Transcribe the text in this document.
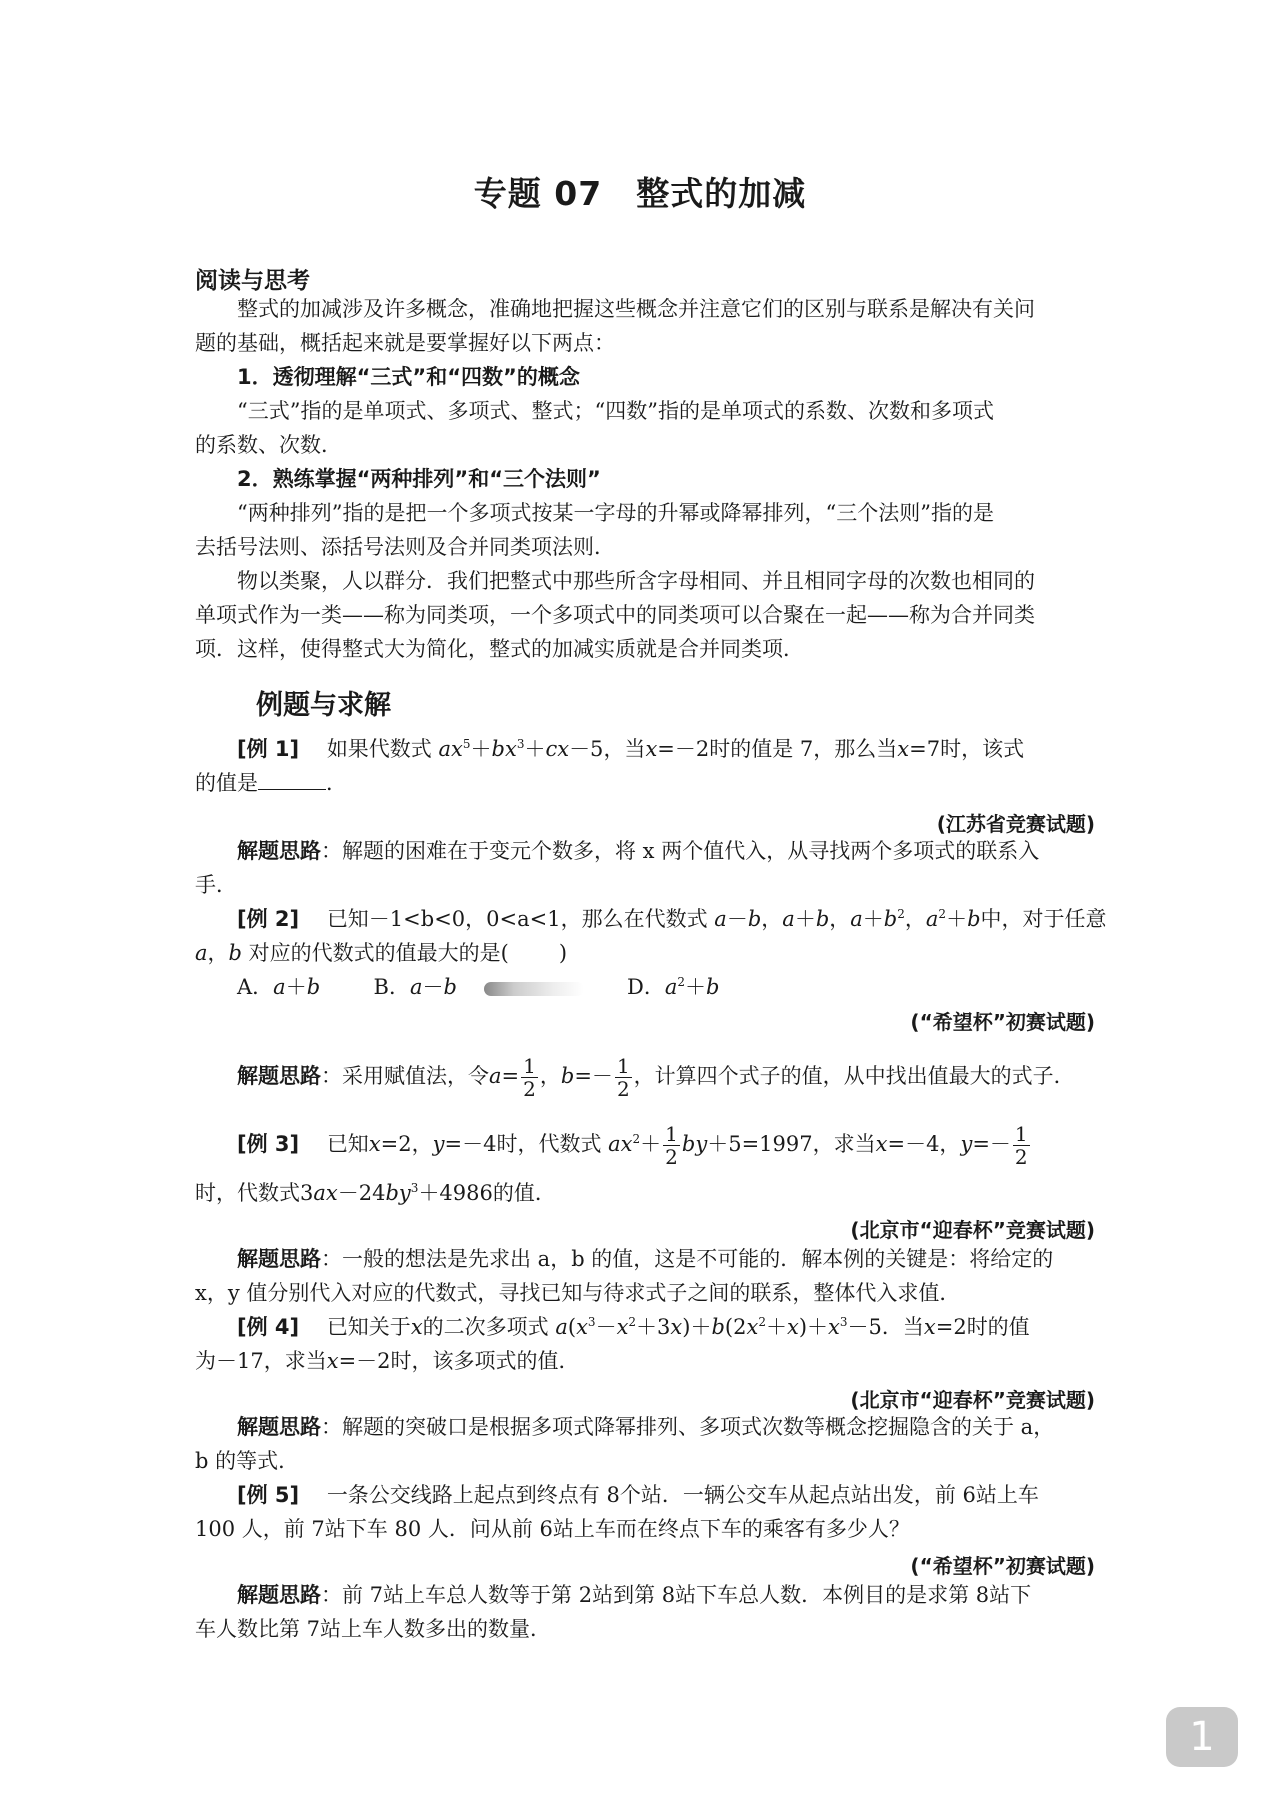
专题 07　整式的加减
阅读与思考
整式的加减涉及许多概念，准确地把握这些概念并注意它们的区别与联系是解决有关问
题的基础，概括起来就是要掌握好以下两点：
1．透彻理解“三式”和“四数”的概念
“三式”指的是单项式、多项式、整式；“四数”指的是单项式的系数、次数和多项式
的系数、次数．
2．熟练掌握“两种排列”和“三个法则”
“两种排列”指的是把一个多项式按某一字母的升幂或降幂排列，“三个法则”指的是
去括号法则、添括号法则及合并同类项法则．
物以类聚，人以群分．我们把整式中那些所含字母相同、并且相同字母的次数也相同的
单项式作为一类——称为同类项，一个多项式中的同类项可以合聚在一起——称为合并同类
项．这样，使得整式大为简化，整式的加减实质就是合并同类项．
例题与求解
[例 1]　 如果代数式 $ax^5+bx^3+cx-5$，当x=－2时的值是 7，那么当x=7时，该式
的值是	．
(江苏省竞赛试题)
解题思路：解题的困难在于变元个数多，将 x 两个值代入，从寻找两个多项式的联系入
手．
[例 2]　 已知－1<b<0，0<a<1，那么在代数式 a－b，a＋b，$a+b^2$，$a^2+b$中，对于任意
a，b 对应的代数式的值最大的是( )
A．a＋b	B．a－b	D．$a^2+b$
(“希望杯”初赛试题)
解题思路：采用赋值法，令$a= \frac{1}{2}$ ，$b=- \frac{1}{2}$ ，计算四个式子的值，从中找出值最大的式子．
[例 3]　 已知x=2，y=－4时，代数式 $ax^2+ \frac{1}{2} by+5=1997$，求当x=－4，$y=- \frac{1}{2}$
时，代数式$3ax-24by^3+4986$的值．
(北京市“迎春杯”竞赛试题)
解题思路：一般的想法是先求出 a，b 的值，这是不可能的．解本例的关键是：将给定的
x，y 值分别代入对应的代数式，寻找已知与待求式子之间的联系，整体代入求值．
[例 4]　 已知关于x的二次多项式 $a(x^3-x^2+3x)+b(2x^2+x)+x^3-5$．当x=2时的值
为－17，求当x=－2时，该多项式的值．
(北京市“迎春杯”竞赛试题)
解题思路：解题的突破口是根据多项式降幂排列、多项式次数等概念挖掘隐含的关于 a，
b 的等式．
[例 5]　 一条公交线路上起点到终点有 8个站．一辆公交车从起点站出发，前 6站上车
100 人，前 7站下车 80 人．问从前 6站上车而在终点下车的乘客有多少人？
(“希望杯”初赛试题)
解题思路：前 7站上车总人数等于第 2站到第 8站下车总人数．本例目的是求第 8站下
车人数比第 7站上车人数多出的数量．
1
